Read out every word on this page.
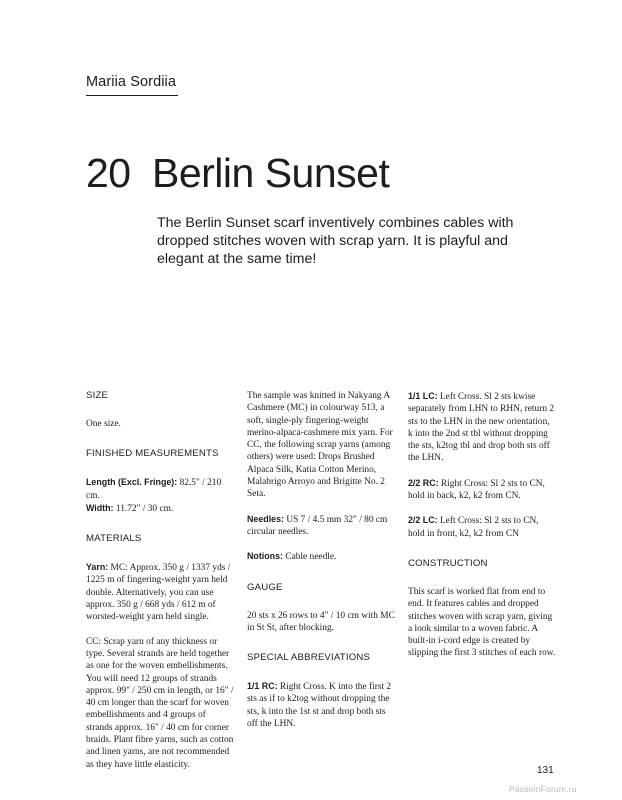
Mariia Sordiia
20 Berlin Sunset

The Berlin Sunset scarf inventively combines cables with dropped stitches woven with scrap yarn. It is playful and elegant at the same time!

SIZE

One size.

FINISHED MEASUREMENTS

Length (Excl. Fringe): 82.5" / 210 cm.

Width: 11.72" / 30 cm.

MATERIALS

Yarn: MC: Approx. 350 g / 1337 yds / 1225 m of fingering-weight yarn held double. Alternatively, you can use approx. 350 g / 668 yds / 612 m of worsted-weight yarn held single.

CC: Scrap yarn of any thickness or type. Several strands are held together as one for the woven embellishments. You will need 12 groups of strands approx. 99" / 250 cm in length, or 16" / 40 cm longer than the scarf for woven embellishments and 4 groups of strands approx. 16" / 40 cm for corner braids. Plant fibre yarns, such as cotton and linen yarns, are not recommended as they have little elasticity.

The sample was knitted in Nakyang A Cashmere (MC) in colourway 513, a soft, single-ply fingering-weight merino-alpaca-cashmere mix yarn. For CC, the following scrap yarns (among others) were used: Drops Brushed Alpaca Silk, Katia Cotton Merino, Malabrigo Arroyo and Brigitte No. 2 Seta.

Needles: US 7 / 4.5 mm 32" / 80 cm circular needles.

Notions: Cable needle.

GAUGE

20 sts x 26 rows to 4" / 10 cm with MC in St St, after blocking.

SPECIAL ABBREVIATIONS

1/1 RC: Right Cross. K into the first 2 sts as if to k2tog without dropping the sts, k into the 1st st and drop both sts off the LHN.

1/1 LC: Left Cross. Sl 2 sts kwise separately from LHN to RHN, return 2 sts to the LHN in the new orientation, k into the 2nd st tbl without dropping the sts, k2tog tbl and drop both sts off the LHN.

2/2 RC: Right Cross: Sl 2 sts to CN, hold in back, k2, k2 from CN.

2/2 LC: Left Cross: Sl 2 sts to CN, hold in front, k2, k2 from CN

CONSTRUCTION

This scarf is worked flat from end to end. It features cables and dropped stitches woven with scrap yarn, giving a look similar to a woven fabric. A built-in i-cord edge is created by slipping the first 3 stitches of each row.

131
PassionForum.ru
